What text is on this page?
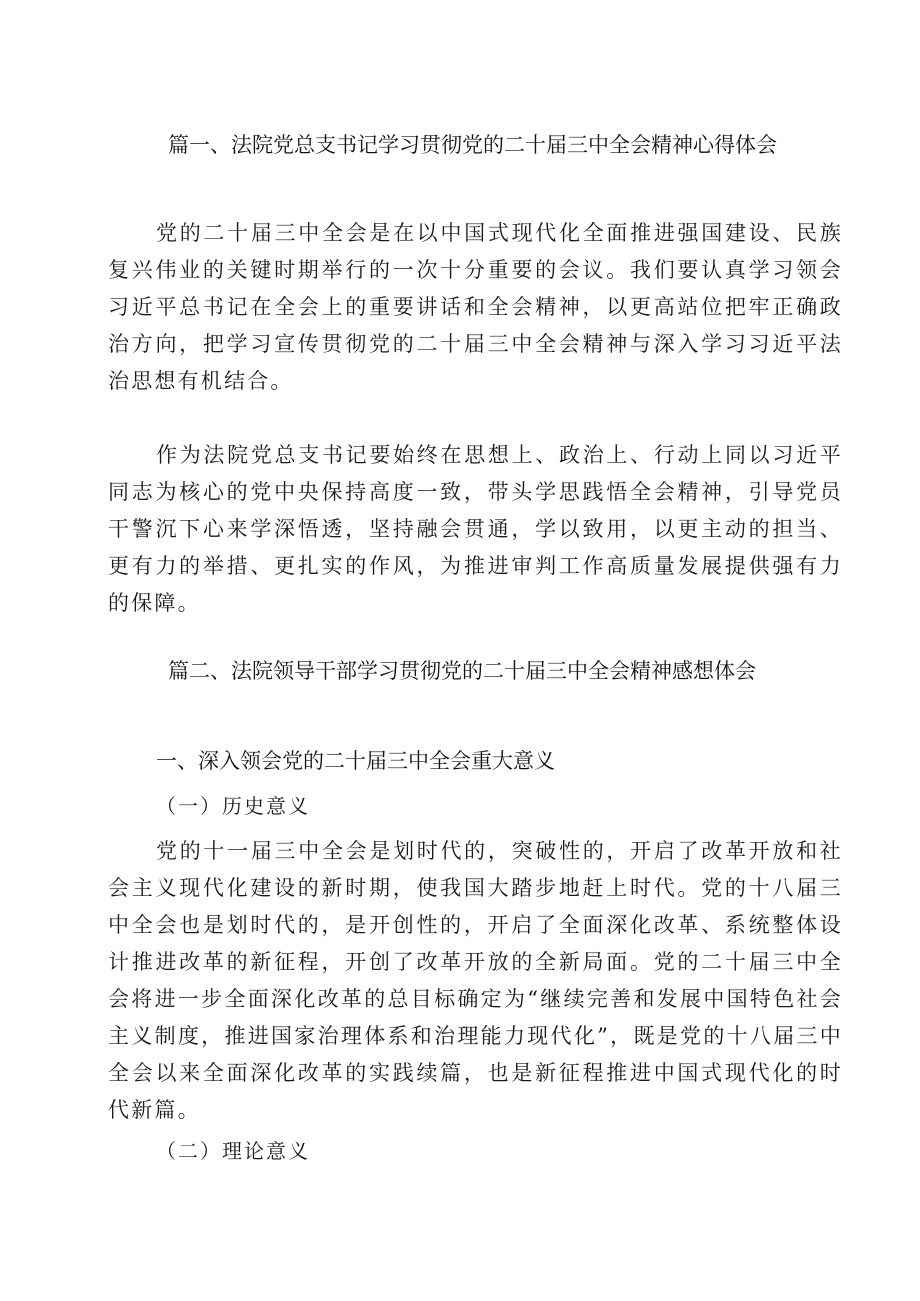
篇一、法院党总支书记学习贯彻党的二十届三中全会精神心得体会

党的二十届三中全会是在以中国式现代化全面推进强国建设、民族复兴伟业的关键时期举行的一次十分重要的会议。我们要认真学习领会习近平总书记在全会上的重要讲话和全会精神，以更高站位把牢正确政治方向，把学习宣传贯彻党的二十届三中全会精神与深入学习习近平法治思想有机结合。

作为法院党总支书记要始终在思想上、政治上、行动上同以习近平同志为核心的党中央保持高度一致，带头学思践悟全会精神，引导党员干警沉下心来学深悟透，坚持融会贯通，学以致用，以更主动的担当、更有力的举措、更扎实的作风，为推进审判工作高质量发展提供强有力的保障。

篇二、法院领导干部学习贯彻党的二十届三中全会精神感想体会
一、深入领会党的二十届三中全会重大意义
（一）历史意义

党的十一届三中全会是划时代的，突破性的，开启了改革开放和社会主义现代化建设的新时期，使我国大踏步地赶上时代。党的十八届三中全会也是划时代的，是开创性的，开启了全面深化改革、系统整体设计推进改革的新征程，开创了改革开放的全新局面。党的二十届三中全会将进一步全面深化改革的总目标确定为“继续完善和发展中国特色社会主义制度，推进国家治理体系和治理能力现代化”，既是党的十八届三中全会以来全面深化改革的实践续篇，也是新征程推进中国式现代化的时代新篇。

（二）理论意义
